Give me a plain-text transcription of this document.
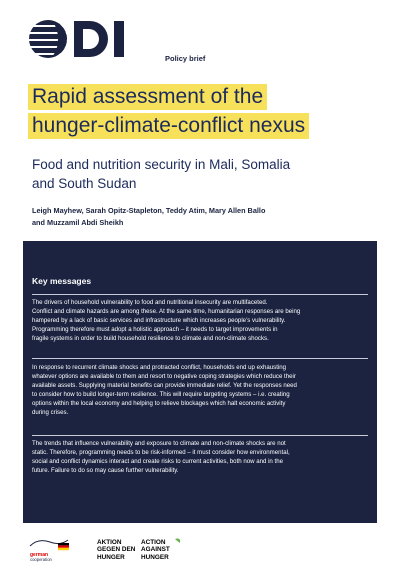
Policy brief
Rapid assessment of the
hunger-climate-conflict nexus
Food and nutrition security in Mali, Somalia
and South Sudan
Leigh Mayhew, Sarah Opitz-Stapleton, Teddy Atim, Mary Allen Ballo
and Muzzamil Abdi Sheikh
Key messages
The drivers of household vulnerability to food and nutritional insecurity are multifaceted.
Conflict and climate hazards are among these. At the same time, humanitarian responses are being
hampered by a lack of basic services and infrastructure which increases people’s vulnerability.
Programming therefore must adopt a holistic approach – it needs to target improvements in
fragile systems in order to build household resilience to climate and non-climate shocks.
In response to recurrent climate shocks and protracted conflict, households end up exhausting
whatever options are available to them and resort to negative coping strategies which reduce their
available assets. Supplying material benefits can provide immediate relief. Yet the responses need
to consider how to build longer-term resilience. This will require targeting systems – i.e. creating
options within the local economy and helping to relieve blockages which halt economic activity
during crises.
The trends that influence vulnerability and exposure to climate and non-climate shocks are not
static. Therefore, programming needs to be risk-informed – it must consider how environmental,
social and conflict dynamics interact and create risks to current activities, both now and in the
future. Failure to do so may cause further vulnerability.
german
cooperation
AKTION
GEGEN DEN
HUNGER
ACTION
AGAINST
HUNGER
